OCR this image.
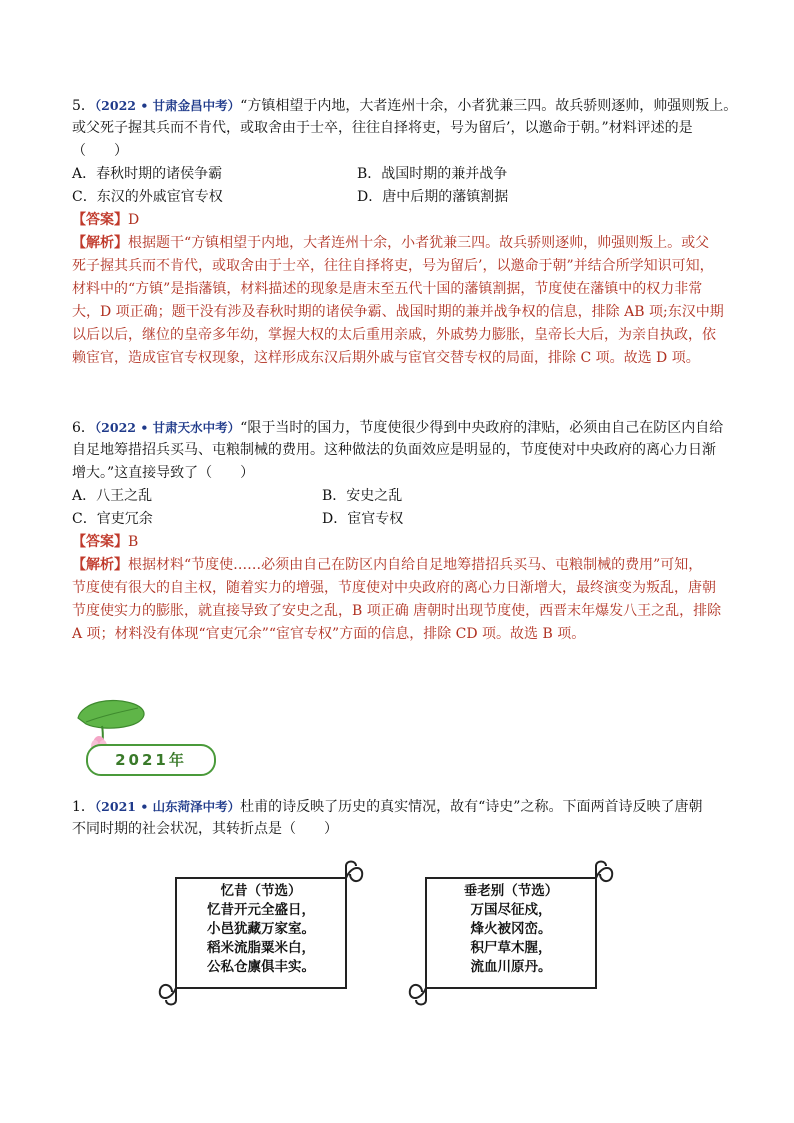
5．（2022 • 甘肃金昌中考）“方镇相望于内地，大者连州十余，小者犹兼三四。故兵骄则逐帅，帅强则叛上。
或父死子握其兵而不肯代，或取舍由于士卒，往往自择将吏，号为留后’，以邀命于朝。”材料评述的是
（　　）
A．春秋时期的诸侯争霸	B．战国时期的兼并战争
C．东汉的外戚宦官专权	D．唐中后期的藩镇割据
【答案】D
【解析】根据题干“方镇相望于内地，大者连州十余，小者犹兼三四。故兵骄则逐帅，帅强则叛上。或父
死子握其兵而不肯代，或取舍由于士卒，往往自择将吏，号为留后’，以邀命于朝”并结合所学知识可知，
材料中的“方镇”是指藩镇，材料描述的现象是唐末至五代十国的藩镇割据，节度使在藩镇中的权力非常
大，D 项正确；题干没有涉及春秋时期的诸侯争霸、战国时期的兼并战争权的信息，排除 AB 项;东汉中期
以后以后，继位的皇帝多年幼，掌握大权的太后重用亲戚，外戚势力膨胀，皇帝长大后，为亲自执政，依
赖宦官，造成宦官专权现象，这样形成东汉后期外戚与宦官交替专权的局面，排除 C 项。故选 D 项。
6．（2022 • 甘肃天水中考）“限于当时的国力，节度使很少得到中央政府的津贴，必须由自己在防区内自给
自足地筹措招兵买马、屯粮制械的费用。这种做法的负面效应是明显的，节度使对中央政府的离心力日渐
增大。”这直接导致了（　　）
A．八王之乱	B．安史之乱
C．官吏冗余	D．宦官专权
【答案】B
【解析】根据材料“节度使……必须由自己在防区内自给自足地筹措招兵买马、屯粮制械的费用”可知，
节度使有很大的自主权，随着实力的增强，节度使对中央政府的离心力日渐增大，最终演变为叛乱，唐朝
节度使实力的膨胀，就直接导致了安史之乱，B 项正确 唐朝时出现节度使，西晋末年爆发八王之乱，排除
A 项；材料没有体现“官吏冗余”“宦官专权”方面的信息，排除 CD 项。故选 B 项。
2021年
1．（2021 • 山东菏泽中考）杜甫的诗反映了历史的真实情况，故有“诗史”之称。下面两首诗反映了唐朝
不同时期的社会状况，其转折点是（　　）
忆昔（节选）
忆昔开元全盛日，
小邑犹藏万家室。
稻米流脂粟米白，
公私仓廪俱丰实。
垂老别（节选）
万国尽征戍，
烽火被冈峦。
积尸草木腥，
流血川原丹。
